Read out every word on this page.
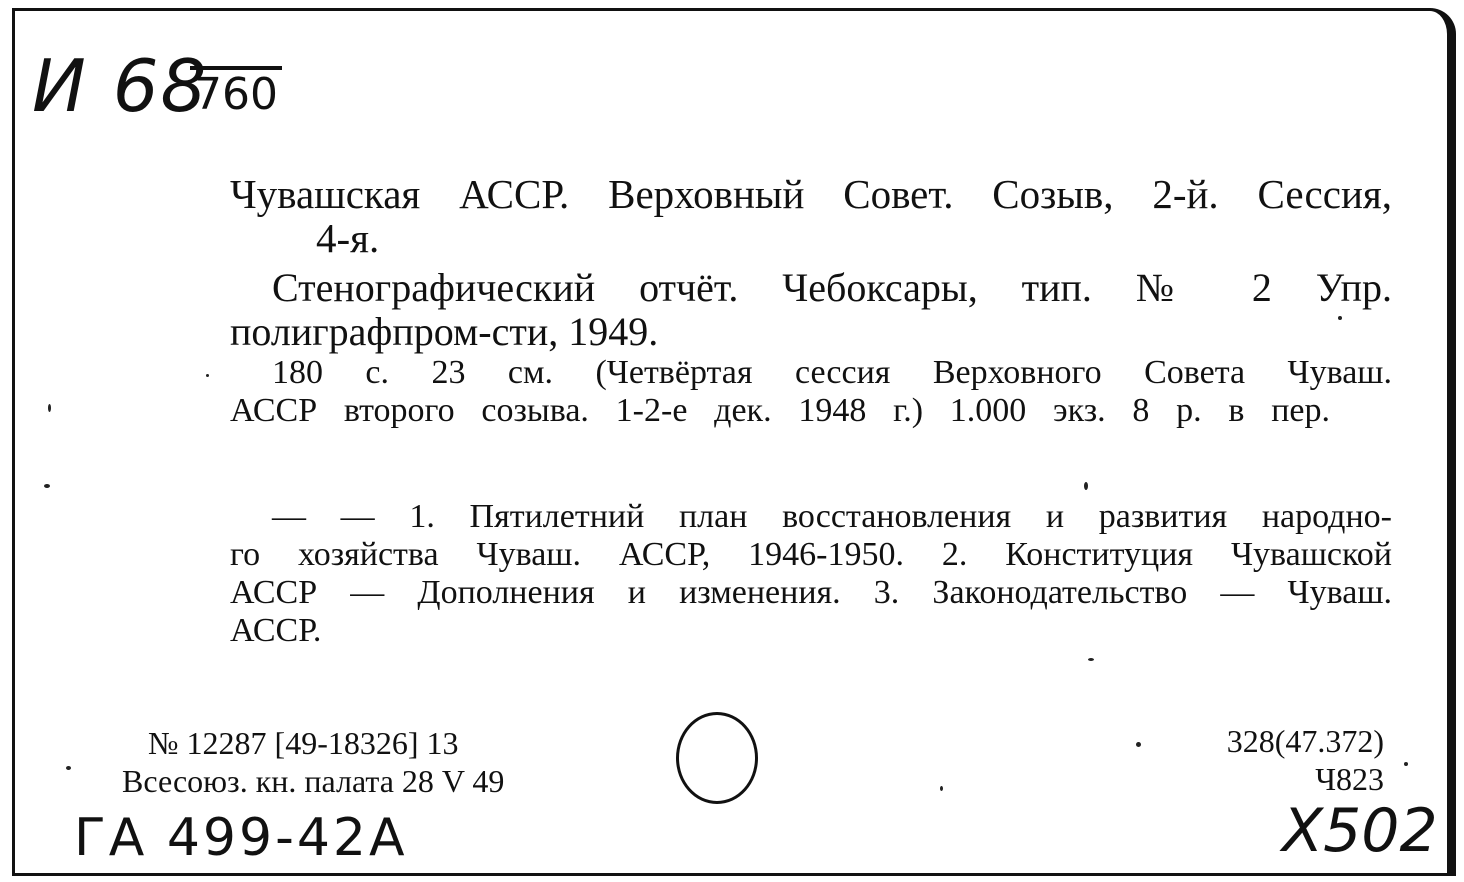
И 68
760
Чувашская АССР. Верховный Совет. Созыв, 2-й. Сессия,
4-я.
Стенографический отчёт. Чебоксары, тип. № 2 Упр.
полиграфпром-сти, 1949.
180 с. 23 см. (Четвёртая сессия Верховного Совета Чуваш.
АССР второго созыва. 1-2-е дек. 1948 г.) 1.000 экз. 8 р. в пер.
— — 1. Пятилетний план восстановления и развития народно-
го хозяйства Чуваш. АССР, 1946-1950. 2. Конституция Чувашской
АССР — Дополнения и изменения. 3. Законодательство — Чуваш.
АССР.
№ 12287 [49-18326] 13
Всесоюз. кн. палата 28 V 49
328(47.372)
Ч823
ГА 499-42А	Х502
